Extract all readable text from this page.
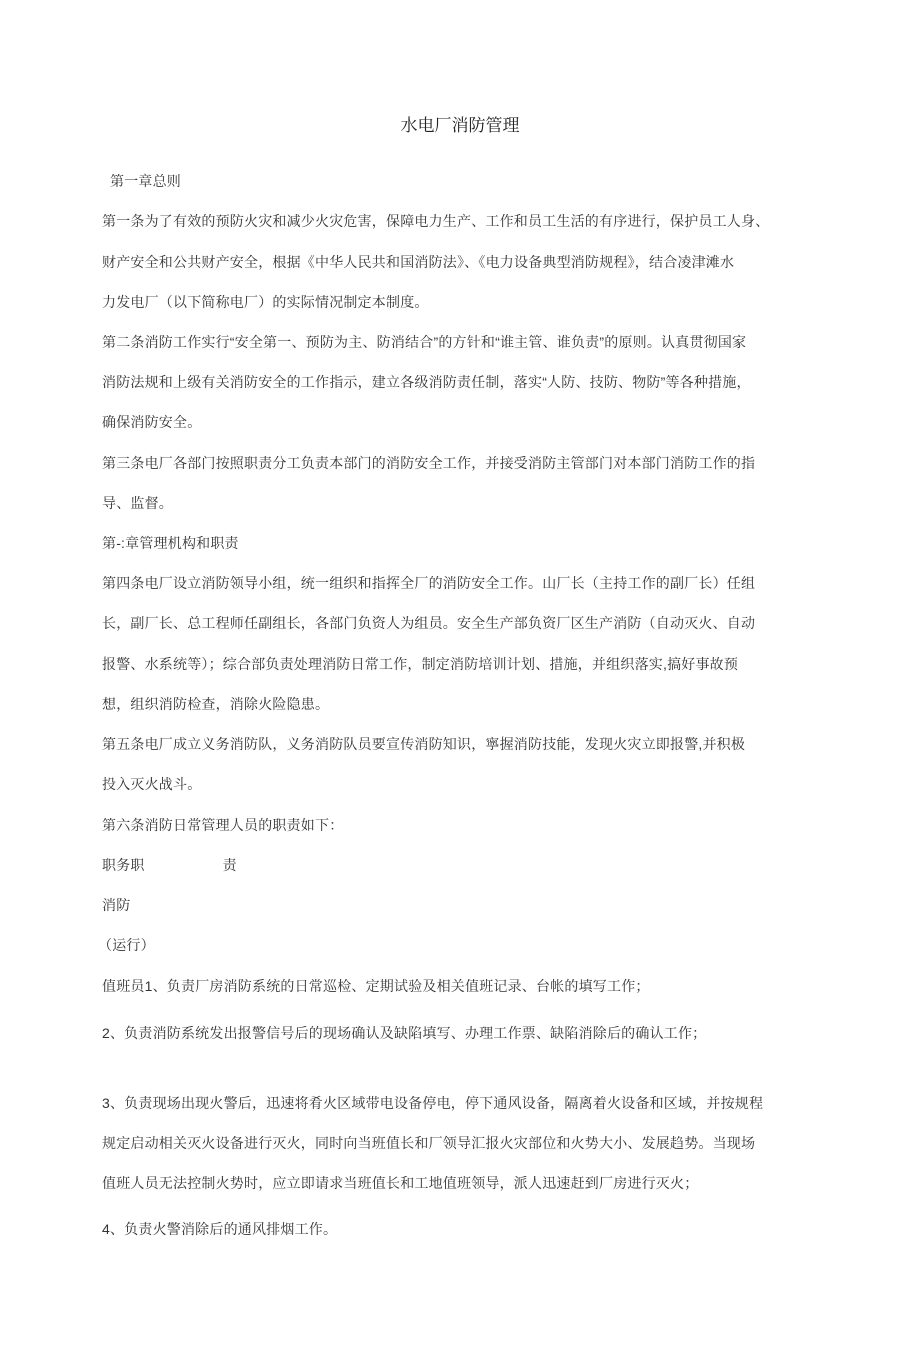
水电厂消防管理
第一章总则
第一条为了有效的预防火灾和减少火灾危害，保障电力生产、工作和员工生活的有序进行，保护员工人身、
财产安全和公共财产安全，根据《中华人民共和国消防法》、《电力设备典型消防规程》，结合凌津滩水
力发电厂（以下简称电厂）的实际情况制定本制度。
第二条消防工作实行“安全第一、预防为主、防消结合”的方针和“谁主管、谁负责”的原则。认真贯彻国家
消防法规和上级有关消防安全的工作指示，建立各级消防责任制，落实“人防、技防、物防”等各种措施，
确保消防安全。
第三条电厂各部门按照职责分工负责本部门的消防安全工作，并接受消防主管部门对本部门消防工作的指
导、监督。
第-:章管理机构和职责
第四条电厂设立消防领导小组，统一组织和指挥全厂的消防安全工作。山厂长（主持工作的副厂长）任组
长，副厂长、总工程师任副组长，各部门负资人为组员。安全生产部负资厂区生产消防（自动灭火、自动
报警、水系统等）；综合部负责处理消防日常工作，制定消防培训计划、措施，并组织落实,搞好事故预
想，组织消防检查，消除火险隐患。
第五条电厂成立义务消防队，义务消防队员要宣传消防知识，寧握消防技能，发现火灾立即报警,并积极
投入灭火战斗。
第六条消防日常管理人员的职责如下：
职务职	责
消防
（运行）
值班员1、负责厂房消防系统的日常巡检、定期试验及相关值班记录、台帐的填写工作；
2、负责消防系统发出报警信号后的现场确认及缺陷填写、办理工作票、缺陷消除后的确认工作；
3、负责现场出现火警后，迅速将肴火区域带电设备停电，停下通风设备，隔离着火设备和区域，并按规程
规定启动相关灭火设备进行灭火，同时向当班值长和厂领导汇报火灾部位和火势大小、发展趋势。当现场
值班人员无法控制火势时，应立即请求当班值长和工地值班领导，派人迅速赶到厂房进行灭火；
4、负责火警消除后的通风排烟工作。
